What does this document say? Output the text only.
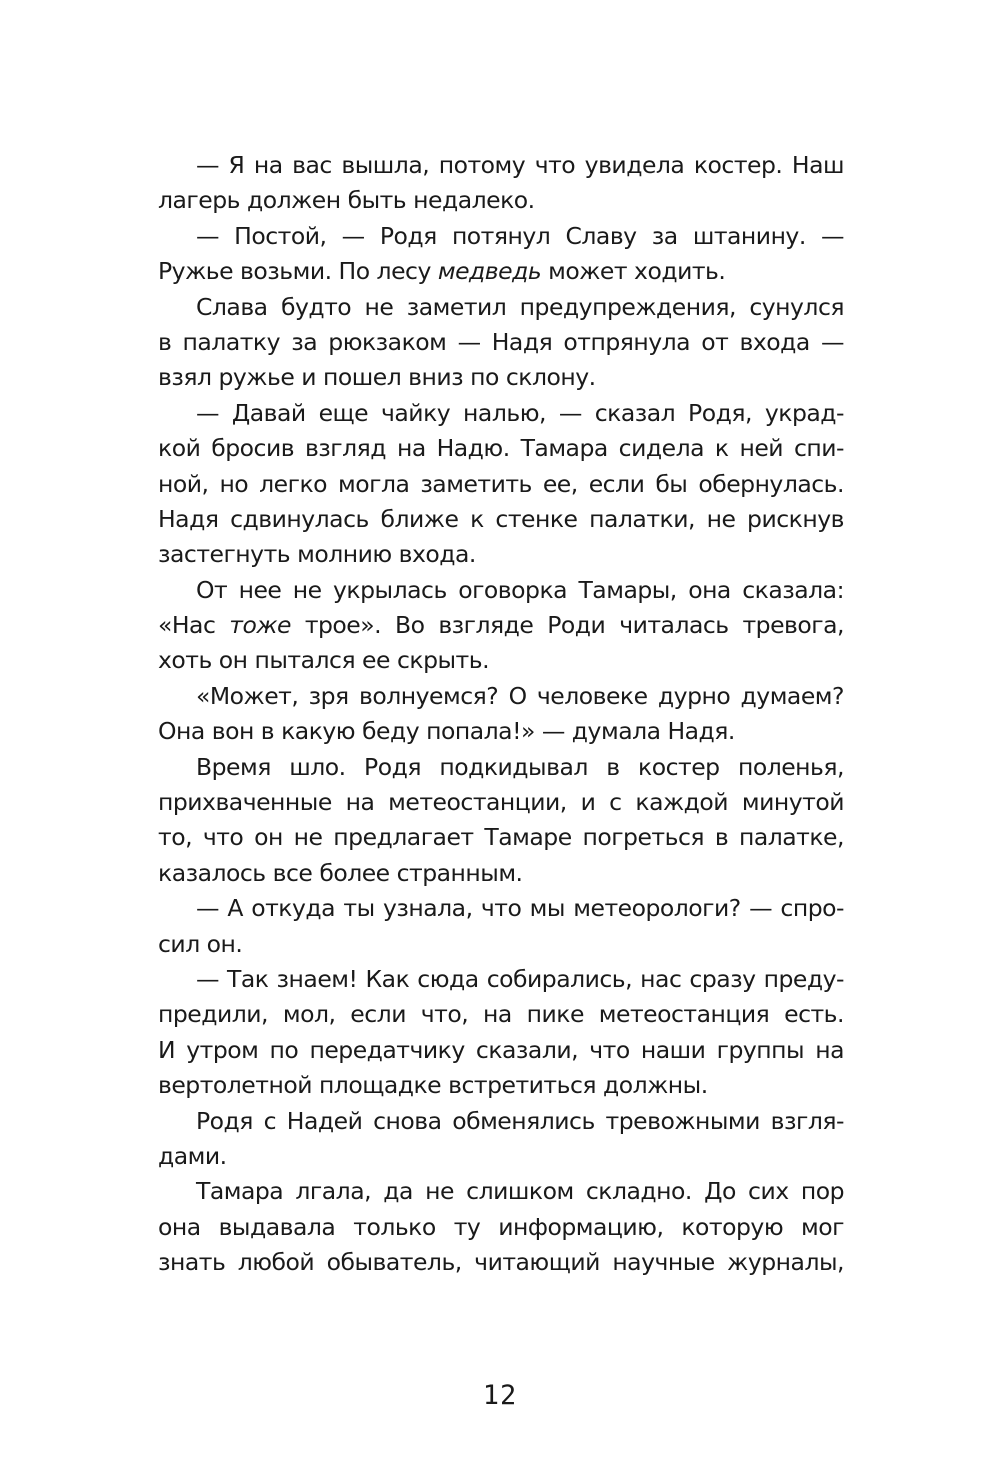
— Я на вас вышла, потому что увидела костер. Наш
лагерь должен быть недалеко.
— Постой, — Родя потянул Славу за штанину. —
Ружье возьми. По лесу медведь может ходить.
Слава будто не заметил предупреждения, сунулся
в палатку за рюкзаком — Надя отпрянула от входа —
взял ружье и пошел вниз по склону.
— Давай еще чайку налью, — сказал Родя, украд-
кой бросив взгляд на Надю. Тамара сидела к ней спи-
ной, но легко могла заметить ее, если бы обернулась.
Надя сдвинулась ближе к стенке палатки, не рискнув
застегнуть молнию входа.
От нее не укрылась оговорка Тамары, она сказала:
«Нас тоже трое». Во взгляде Роди читалась тревога,
хоть он пытался ее скрыть.
«Может, зря волнуемся? О человеке дурно думаем?
Она вон в какую беду попала!» — думала Надя.
Время шло. Родя подкидывал в костер поленья,
прихваченные на метеостанции, и с каждой минутой
то, что он не предлагает Тамаре погреться в палатке,
казалось все более странным.
— А откуда ты узнала, что мы метеорологи? — спро-
сил он.
— Так знаем! Как сюда собирались, нас сразу преду-
предили, мол, если что, на пике метеостанция есть.
И утром по передатчику сказали, что наши группы на
вертолетной площадке встретиться должны.
Родя с Надей снова обменялись тревожными взгля-
дами.
Тамара лгала, да не слишком складно. До сих пор
она выдавала только ту информацию, которую мог
знать любой обыватель, читающий научные журналы,
12
